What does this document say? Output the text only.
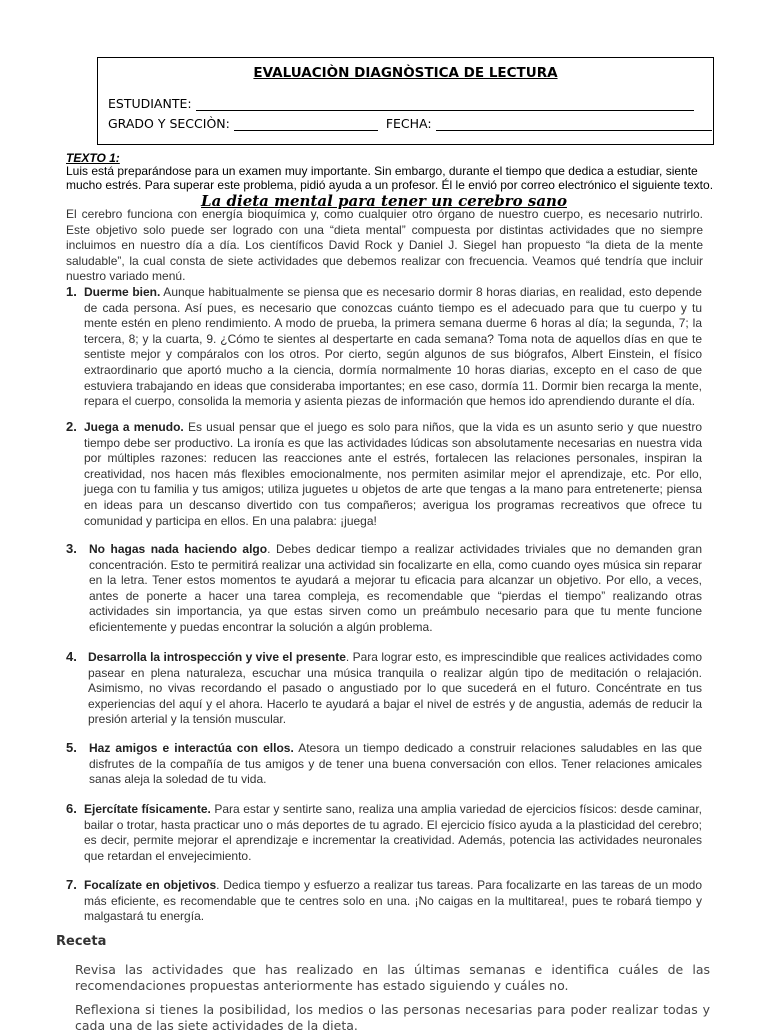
EVALUACIÒN DIAGNÒSTICA DE LECTURA
ESTUDIANTE:
GRADO Y SECCIÒN:	FECHA:
TEXTO 1:
Luis está preparándose para un examen muy importante. Sin embargo, durante el tiempo que dedica a estudiar, siente mucho estrés. Para superar este problema, pidió ayuda a un profesor. Él le envió por correo electrónico el siguiente texto.
La dieta mental para tener un cerebro sano
El cerebro funciona con energía bioquímica y, como cualquier otro órgano de nuestro cuerpo, es necesario nutrirlo. Este objetivo solo puede ser logrado con una “dieta mental” compuesta por distintas actividades que no siempre incluimos en nuestro día a día. Los científicos David Rock y Daniel J. Siegel han propuesto “la dieta de la mente saludable”, la cual consta de siete actividades que debemos realizar con frecuencia. Veamos qué tendría que incluir nuestro variado menú.
1. Duerme bien. Aunque habitualmente se piensa que es necesario dormir 8 horas diarias, en realidad, esto depende de cada persona. Así pues, es necesario que conozcas cuánto tiempo es el adecuado para que tu cuerpo y tu mente estén en pleno rendimiento. A modo de prueba, la primera semana duerme 6 horas al día; la segunda, 7; la tercera, 8; y la cuarta, 9. ¿Cómo te sientes al despertarte en cada semana? Toma nota de aquellos días en que te sentiste mejor y compáralos con los otros. Por cierto, según algunos de sus biógrafos, Albert Einstein, el físico extraordinario que aportó mucho a la ciencia, dormía normalmente 10 horas diarias, excepto en el caso de que estuviera trabajando en ideas que consideraba importantes; en ese caso, dormía 11. Dormir bien recarga la mente, repara el cuerpo, consolida la memoria y asienta piezas de información que hemos ido aprendiendo durante el día.
2. Juega a menudo. Es usual pensar que el juego es solo para niños, que la vida es un asunto serio y que nuestro tiempo debe ser productivo. La ironía es que las actividades lúdicas son absolutamente necesarias en nuestra vida por múltiples razones: reducen las reacciones ante el estrés, fortalecen las relaciones personales, inspiran la creatividad, nos hacen más flexibles emocionalmente, nos permiten asimilar mejor el aprendizaje, etc. Por ello, juega con tu familia y tus amigos; utiliza juguetes u objetos de arte que tengas a la mano para entretenerte; piensa en ideas para un descanso divertido con tus compañeros; averigua los programas recreativos que ofrece tu comunidad y participa en ellos. En una palabra: ¡juega!
3. No hagas nada haciendo algo. Debes dedicar tiempo a realizar actividades triviales que no demanden gran concentración. Esto te permitirá realizar una actividad sin focalizarte en ella, como cuando oyes música sin reparar en la letra. Tener estos momentos te ayudará a mejorar tu eficacia para alcanzar un objetivo. Por ello, a veces, antes de ponerte a hacer una tarea compleja, es recomendable que “pierdas el tiempo” realizando otras actividades sin importancia, ya que estas sirven como un preámbulo necesario para que tu mente funcione eficientemente y puedas encontrar la solución a algún problema.
4. Desarrolla la introspección y vive el presente. Para lograr esto, es imprescindible que realices actividades como pasear en plena naturaleza, escuchar una música tranquila o realizar algún tipo de meditación o relajación. Asimismo, no vivas recordando el pasado o angustiado por lo que sucederá en el futuro. Concéntrate en tus experiencias del aquí y el ahora. Hacerlo te ayudará a bajar el nivel de estrés y de angustia, además de reducir la presión arterial y la tensión muscular.
5. Haz amigos e interactúa con ellos. Atesora un tiempo dedicado a construir relaciones saludables en las que disfrutes de la compañía de tus amigos y de tener una buena conversación con ellos. Tener relaciones amicales sanas aleja la soledad de tu vida.
6. Ejercítate físicamente. Para estar y sentirte sano, realiza una amplia variedad de ejercicios físicos: desde caminar, bailar o trotar, hasta practicar uno o más deportes de tu agrado. El ejercicio físico ayuda a la plasticidad del cerebro; es decir, permite mejorar el aprendizaje e incrementar la creatividad. Además, potencia las actividades neuronales que retardan el envejecimiento.
7. Focalízate en objetivos. Dedica tiempo y esfuerzo a realizar tus tareas. Para focalizarte en las tareas de un modo más eficiente, es recomendable que te centres solo en una. ¡No caigas en la multitarea!, pues te robará tiempo y malgastará tu energía.
Receta
Revisa las actividades que has realizado en las últimas semanas e identifica cuáles de las recomendaciones propuestas anteriormente has estado siguiendo y cuáles no.
Reflexiona si tienes la posibilidad, los medios o las personas necesarias para poder realizar todas y cada una de las siete actividades de la dieta.
